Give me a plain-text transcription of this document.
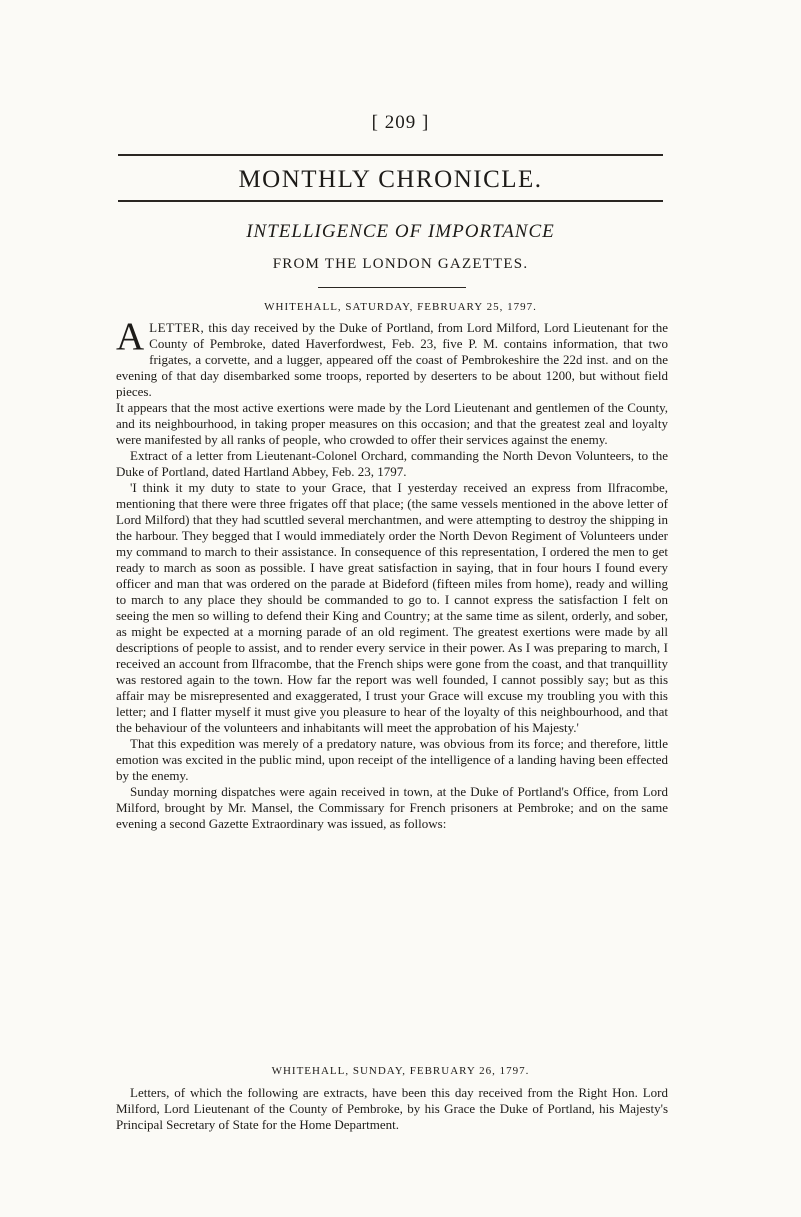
[ 209 ]
MONTHLY CHRONICLE.
INTELLIGENCE OF IMPORTANCE
FROM THE LONDON GAZETTES.
WHITEHALL, SATURDAY, FEBRUARY 25, 1797.

ALETTER, this day received by the Duke of Portland, from Lord Milford, Lord Lieutenant for the County of Pembroke, dated Haverfordwest, Feb. 23, five P. M. contains information, that two frigates, a corvette, and a lugger, appeared off the coast of Pembrokeshire the 22d inst. and on the evening of that day disembarked some troops, reported by deserters to be about 1200, but without field pieces.

It appears that the most active exertions were made by the Lord Lieutenant and gentlemen of the County, and its neighbourhood, in taking proper measures on this occasion; and that the greatest zeal and loyalty were manifested by all ranks of people, who crowded to offer their services against the enemy.

Extract of a letter from Lieutenant-Colonel Orchard, commanding the North Devon Volunteers, to the Duke of Portland, dated Hartland Abbey, Feb. 23, 1797.

'I think it my duty to state to your Grace, that I yesterday received an express from Ilfracombe, mentioning that there were three frigates off that place; (the same vessels mentioned in the above letter of Lord Milford) that they had scuttled several merchantmen, and were attempting to destroy the shipping in the harbour. They begged that I would immediately order the North Devon Regiment of Volunteers under my command to march to their assistance. In consequence of this representation, I ordered the men to get ready to march as soon as possible. I have great satisfaction in saying, that in four hours I found every officer and man that was ordered on the parade at Bideford (fifteen miles from home), ready and willing to march to any place they should be commanded to go to. I cannot express the satisfaction I felt on seeing the men so willing to defend their King and Country; at the same time as silent, orderly, and sober, as might be expected at a morning parade of an old regiment. The greatest exertions were made by all descriptions of people to assist, and to render every service in their power. As I was preparing to march, I received an account from Ilfracombe, that the French ships were gone from the coast, and that tranquillity was restored again to the town. How far the report was well founded, I cannot possibly say; but as this affair may be misrepresented and exaggerated, I trust your Grace will excuse my troubling you with this letter; and I flatter myself it must give you pleasure to hear of the loyalty of this neighbourhood, and that the behaviour of the volunteers and inhabitants will meet the approbation of his Majesty.'

That this expedition was merely of a predatory nature, was obvious from its force; and therefore, little emotion was excited in the public mind, upon receipt of the intelligence of a landing having been effected by the enemy.

Sunday morning dispatches were again received in town, at the Duke of Portland's Office, from Lord Milford, brought by Mr. Mansel, the Commissary for French prisoners at Pembroke; and on the same evening a second Gazette Extraordinary was issued, as follows:

WHITEHALL, SUNDAY, FEBRUARY 26, 1797.

Letters, of which the following are extracts, have been this day received from the Right Hon. Lord Milford, Lord Lieutenant of the County of Pembroke, by his Grace the Duke of Portland, his Majesty's Principal Secretary of State for the Home Department.
